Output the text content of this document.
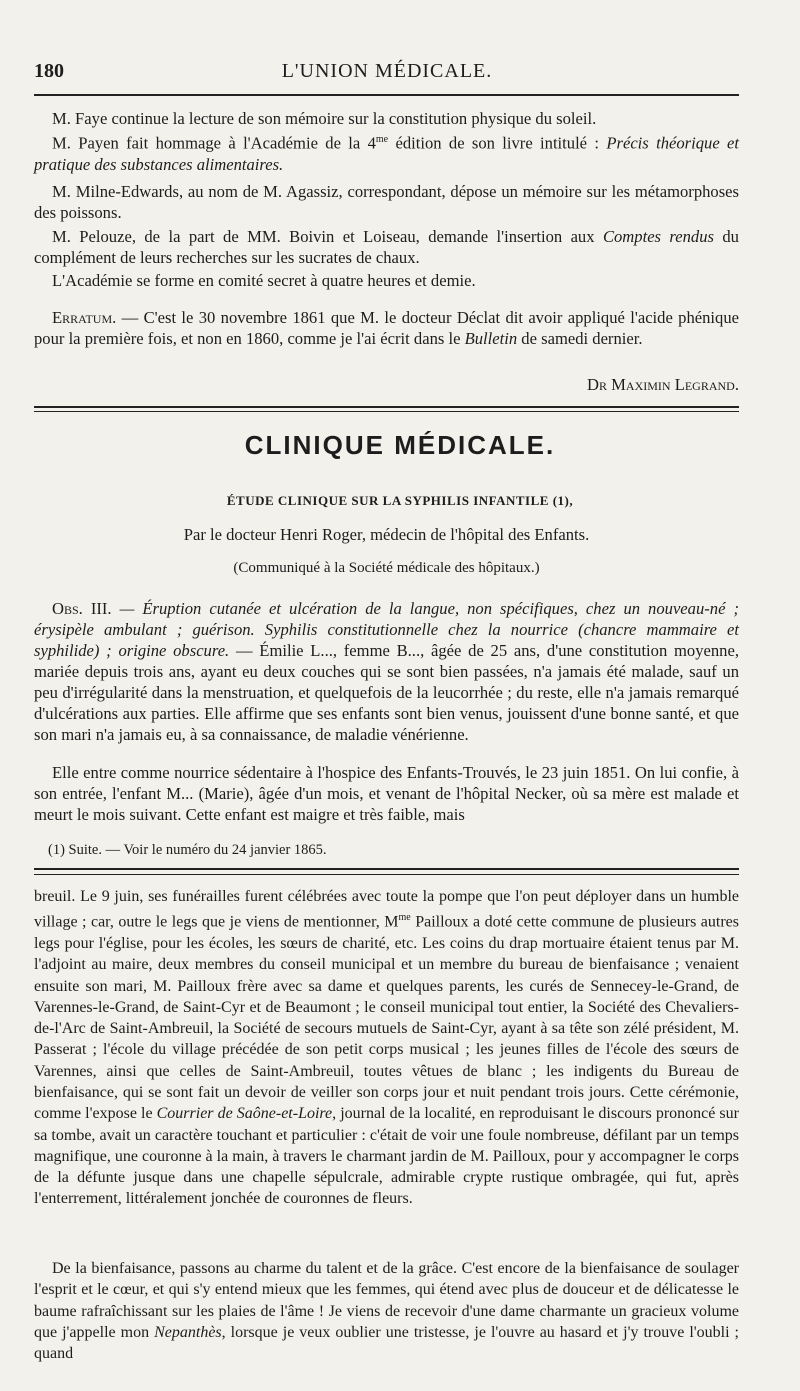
180	L'UNION MÉDICALE.

M. Faye continue la lecture de son mémoire sur la constitution physique du soleil.

M. Payen fait hommage à l'Académie de la $4^{me}$ édition de son livre intitulé : Précis théorique et pratique des substances alimentaires.

M. Milne-Edwards, au nom de M. Agassiz, correspondant, dépose un mémoire sur les métamorphoses des poissons.

M. Pelouze, de la part de MM. Boivin et Loiseau, demande l'insertion aux Comptes rendus du complément de leurs recherches sur les sucrates de chaux.

L'Académie se forme en comité secret à quatre heures et demie.

Erratum. — C'est le 30 novembre 1861 que M. le docteur Déclat dit avoir appliqué l'acide phénique pour la première fois, et non en 1860, comme je l'ai écrit dans le Bulletin de samedi dernier.

Dr Maximin Legrand.

CLINIQUE MÉDICALE.
ÉTUDE CLINIQUE SUR LA SYPHILIS INFANTILE (1),

Par le docteur Henri Roger, médecin de l'hôpital des Enfants.

(Communiqué à la Société médicale des hôpitaux.)

Obs. III. — Éruption cutanée et ulcération de la langue, non spécifiques, chez un nouveau-né ; érysipèle ambulant ; guérison. Syphilis constitutionnelle chez la nourrice (chancre mammaire et syphilide) ; origine obscure. — Émilie L..., femme B..., âgée de 25 ans, d'une constitution moyenne, mariée depuis trois ans, ayant eu deux couches qui se sont bien passées, n'a jamais été malade, sauf un peu d'irrégularité dans la menstruation, et quelquefois de la leucorrhée ; du reste, elle n'a jamais remarqué d'ulcérations aux parties. Elle affirme que ses enfants sont bien venus, jouissent d'une bonne santé, et que son mari n'a jamais eu, à sa connaissance, de maladie vénérienne.

Elle entre comme nourrice sédentaire à l'hospice des Enfants-Trouvés, le 23 juin 1851. On lui confie, à son entrée, l'enfant M... (Marie), âgée d'un mois, et venant de l'hôpital Necker, où sa mère est malade et meurt le mois suivant. Cette enfant est maigre et très faible, mais

(1) Suite. — Voir le numéro du 24 janvier 1865.

breuil. Le 9 juin, ses funérailles furent célébrées avec toute la pompe que l'on peut déployer dans un humble village ; car, outre le legs que je viens de mentionner, $M^{me}$ Pailloux a doté cette commune de plusieurs autres legs pour l'église, pour les écoles, les sœurs de charité, etc. Les coins du drap mortuaire étaient tenus par M. l'adjoint au maire, deux membres du conseil municipal et un membre du bureau de bienfaisance ; venaient ensuite son mari, M. Pailloux frère avec sa dame et quelques parents, les curés de Sennecey-le-Grand, de Varennes-le-Grand, de Saint-Cyr et de Beaumont ; le conseil municipal tout entier, la Société des Chevaliers-de-l'Arc de Saint-Ambreuil, la Société de secours mutuels de Saint-Cyr, ayant à sa tête son zélé président, M. Passerat ; l'école du village précédée de son petit corps musical ; les jeunes filles de l'école des sœurs de Varennes, ainsi que celles de Saint-Ambreuil, toutes vêtues de blanc ; les indigents du Bureau de bienfaisance, qui se sont fait un devoir de veiller son corps jour et nuit pendant trois jours. Cette cérémonie, comme l'expose le Courrier de Saône-et-Loire, journal de la localité, en reproduisant le discours prononcé sur sa tombe, avait un caractère touchant et particulier : c'était de voir une foule nombreuse, défilant par un temps magnifique, une couronne à la main, à travers le charmant jardin de M. Pailloux, pour y accompagner le corps de la défunte jusque dans une chapelle sépulcrale, admirable crypte rustique ombragée, qui fut, après l'enterrement, littéralement jonchée de couronnes de fleurs.

De la bienfaisance, passons au charme du talent et de la grâce. C'est encore de la bienfaisance de soulager l'esprit et le cœur, et qui s'y entend mieux que les femmes, qui étend avec plus de douceur et de délicatesse le baume rafraîchissant sur les plaies de l'âme ! Je viens de recevoir d'une dame charmante un gracieux volume que j'appelle mon Nepanthès, lorsque je veux oublier une tristesse, je l'ouvre au hasard et j'y trouve l'oubli ; quand
